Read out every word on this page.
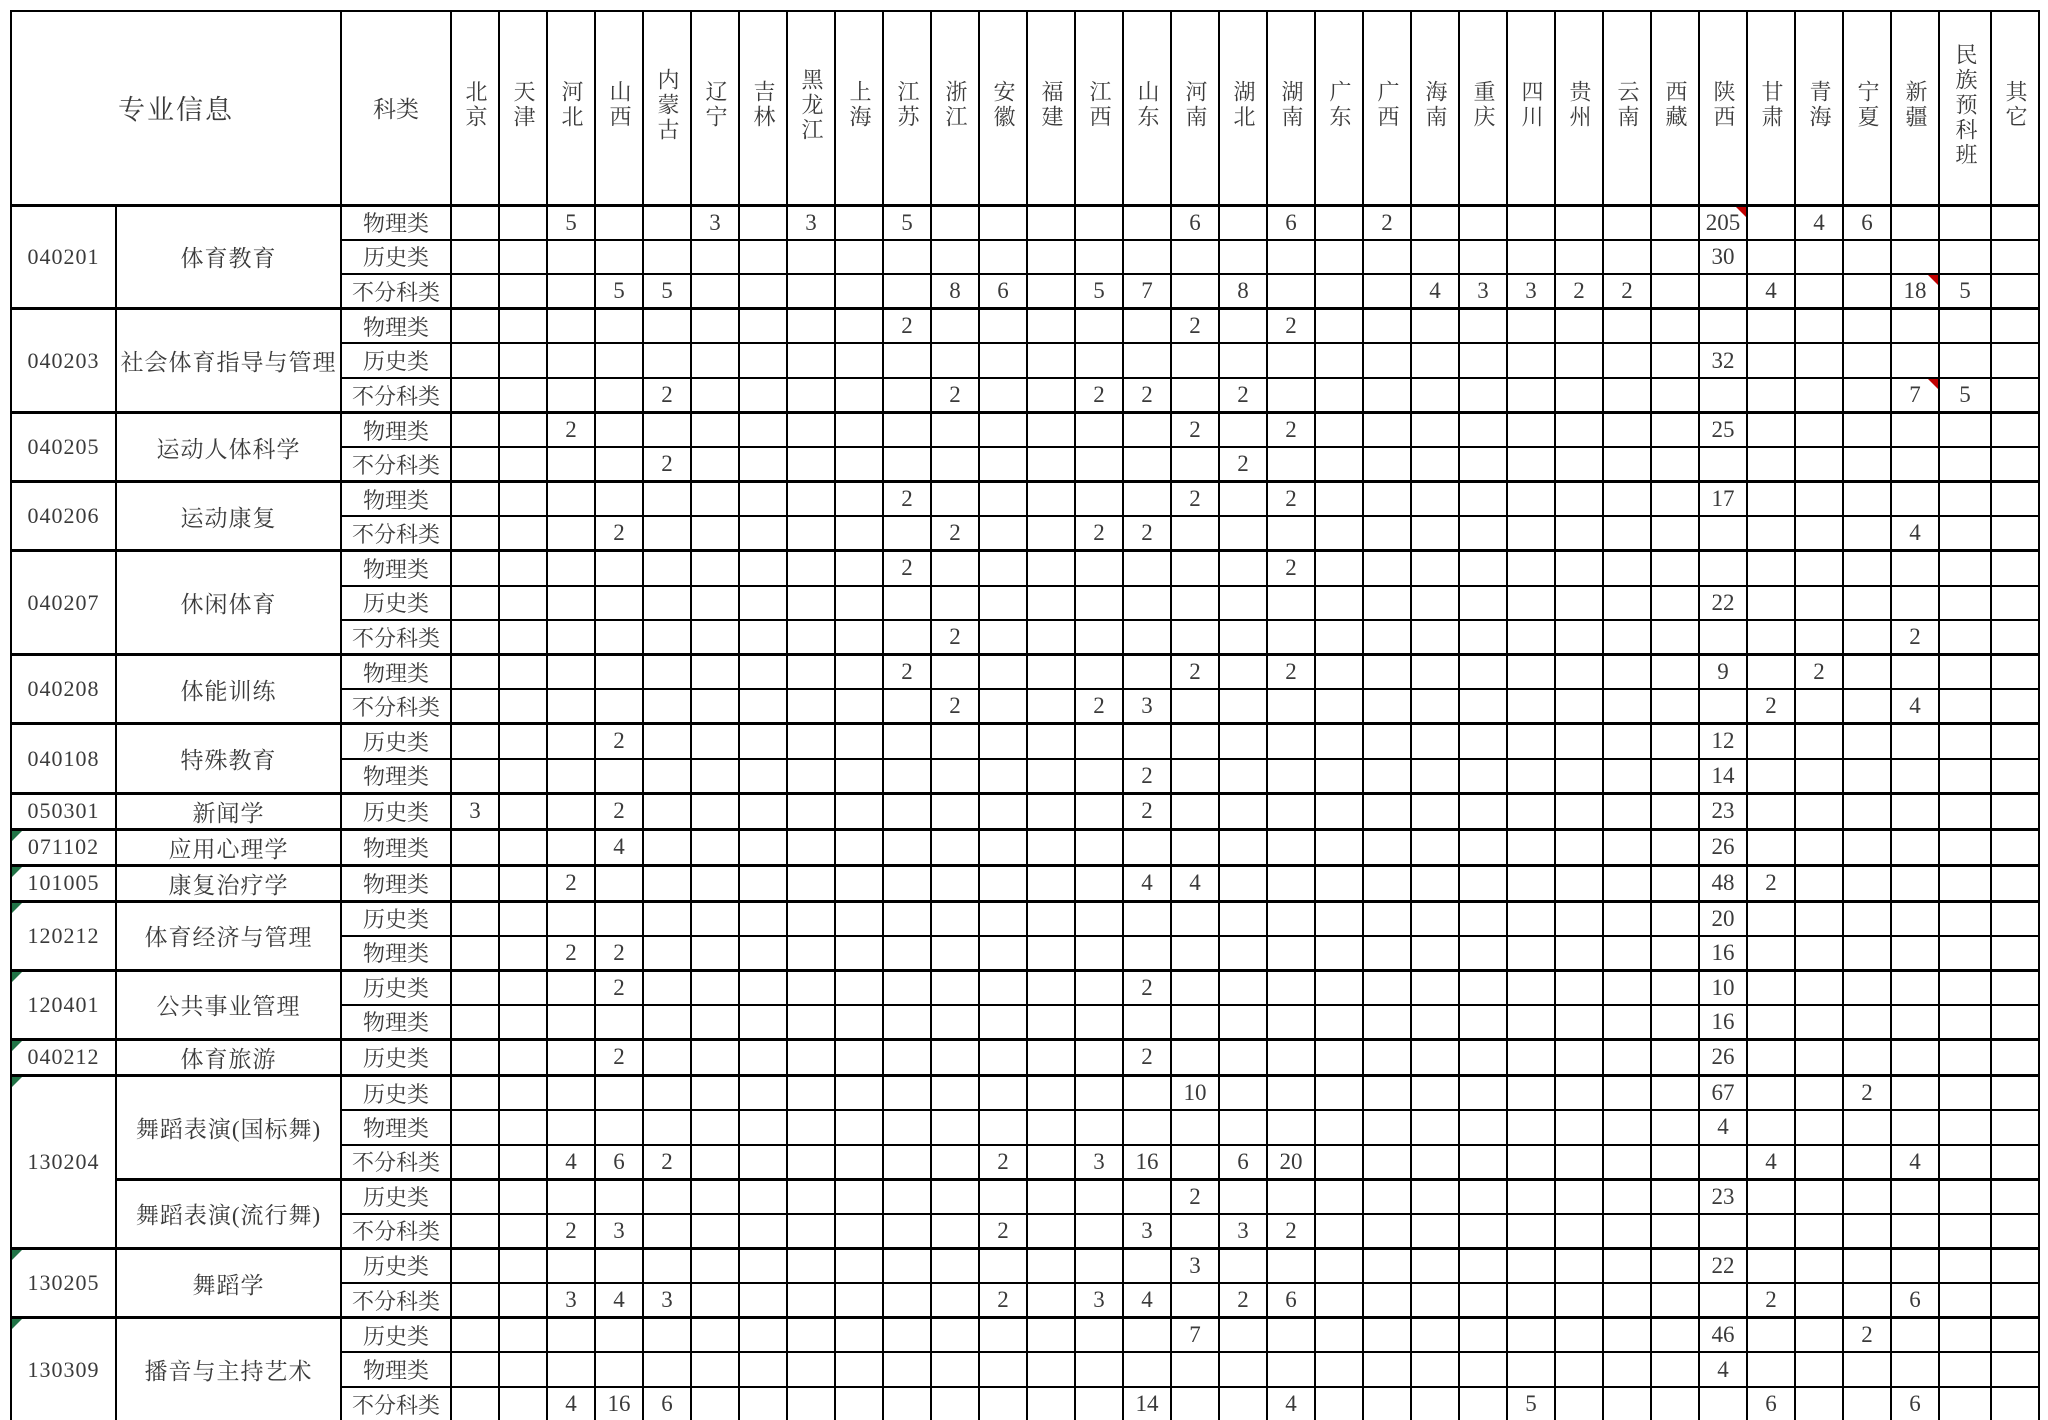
专业信息		科类	北京	天津	河北	山西	内蒙古	辽宁	吉林	黑龙江	上海	江苏	浙江	安徽	福建	江西	山东	河南	湖北	湖南	广东	广西	海南	重庆	四川	贵州	云南	西藏	陕西	甘肃	青海	宁夏	新疆	民族预科班	其它
040201	体育教育	物理类			5			3		3		5						6		6		2							205		4	6			
		历史类																											30						
		不分科类				5	5						8	6		5	7		8				4	3	3	2	2			4			18	5	
040203	社会体育指导与管理	物理类										2						2		2															
		历史类																											32						
		不分科类					2						2			2	2		2														7	5	
040205	运动人体科学	物理类			2													2		2									25						
		不分科类					2												2																
040206	运动康复	物理类										2						2		2									17						
		不分科类				2							2			2	2																4		
040207	休闲体育	物理类										2								2															
		历史类																											22						
		不分科类											2																				2		
040208	体能训练	物理类										2						2		2									9		2				
		不分科类											2			2	3													2			4		
040108	特殊教育	历史类				2																							12						
		物理类															2												14						
050301	新闻学	历史类	3			2											2												23						
071102	应用心理学	物理类				4																							26						
101005	康复治疗学	物理类			2												4	4											48	2					
120212	体育经济与管理	历史类																											20						
		物理类			2	2																							16						
120401	公共事业管理	历史类				2											2												10						
		物理类																											16						
040212	体育旅游	历史类				2											2												26						
130204	舞蹈表演(国标舞)	历史类																10											67			2			
		物理类																											4						
		不分科类			4	6	2							2		3	16		6	20										4			4		
	舞蹈表演(流行舞)	历史类																2											23						
		不分科类			2	3								2			3		3	2															
130205	舞蹈学	历史类																3											22						
		不分科类			3	4	3							2		3	4		2	6										2			6		
130309	播音与主持艺术	历史类																7											46			2			
		物理类																											4						
		不分科类			4	16	6										14			4					5					6			6		
